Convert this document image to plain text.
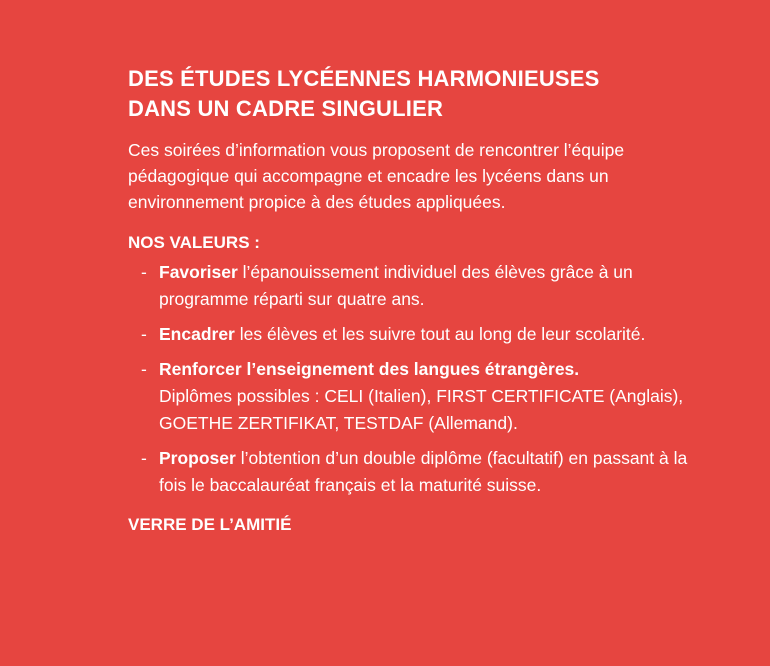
DES ÉTUDES LYCÉENNES HARMONIEUSES
DANS UN CADRE SINGULIER

Ces soirées d’information vous proposent de rencontrer l’équipe pédagogique qui accompagne et encadre les lycéens dans un environnement propice à des études appliquées.

NOS VALEURS :
- Favoriser l’épanouissement individuel des élèves grâce à un programme réparti sur quatre ans.
- Encadrer les élèves et les suivre tout au long de leur scolarité.
- Renforcer l’enseignement des langues étrangères.
Diplômes possibles : CELI (Italien), FIRST CERTIFICATE (Anglais), GOETHE ZERTIFIKAT, TESTDAF (Allemand).
- Proposer l’obtention d’un double diplôme (facultatif) en passant à la fois le baccalauréat français et la maturité suisse.
VERRE DE L’AMITIÉ
